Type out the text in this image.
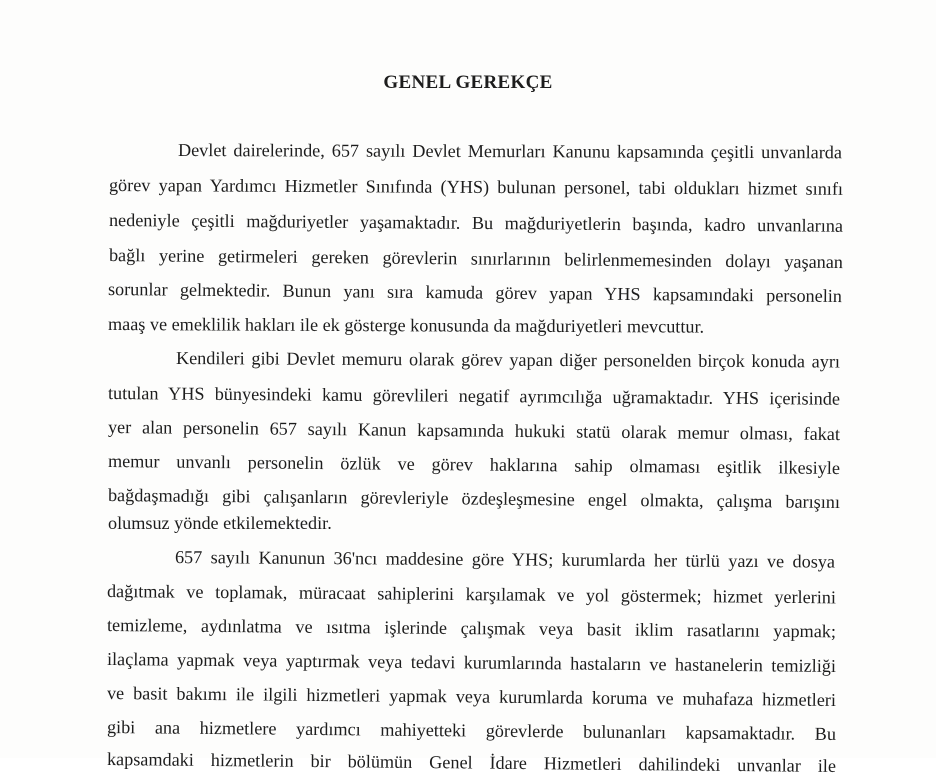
GENEL GEREKÇE
Devlet dairelerinde, 657 sayılı Devlet Memurları Kanunu kapsamında çeşitli unvanlarda
görev yapan Yardımcı Hizmetler Sınıfında (YHS) bulunan personel, tabi oldukları hizmet sınıfı
nedeniyle çeşitli mağduriyetler yaşamaktadır. Bu mağduriyetlerin başında, kadro unvanlarına
bağlı yerine getirmeleri gereken görevlerin sınırlarının belirlenmemesinden dolayı yaşanan
sorunlar gelmektedir. Bunun yanı sıra kamuda görev yapan YHS kapsamındaki personelin
maaş ve emeklilik hakları ile ek gösterge konusunda da mağduriyetleri mevcuttur.
Kendileri gibi Devlet memuru olarak görev yapan diğer personelden birçok konuda ayrı
tutulan YHS bünyesindeki kamu görevlileri negatif ayrımcılığa uğramaktadır. YHS içerisinde
yer alan personelin 657 sayılı Kanun kapsamında hukuki statü olarak memur olması, fakat
memur unvanlı personelin özlük ve görev haklarına sahip olmaması eşitlik ilkesiyle
bağdaşmadığı gibi çalışanların görevleriyle özdeşleşmesine engel olmakta, çalışma barışını
olumsuz yönde etkilemektedir.
657 sayılı Kanunun 36'ncı maddesine göre YHS; kurumlarda her türlü yazı ve dosya
dağıtmak ve toplamak, müracaat sahiplerini karşılamak ve yol göstermek; hizmet yerlerini
temizleme, aydınlatma ve ısıtma işlerinde çalışmak veya basit iklim rasatlarını yapmak;
ilaçlama yapmak veya yaptırmak veya tedavi kurumlarında hastaların ve hastanelerin temizliği
ve basit bakımı ile ilgili hizmetleri yapmak veya kurumlarda koruma ve muhafaza hizmetleri
gibi ana hizmetlere yardımcı mahiyetteki görevlerde bulunanları kapsamaktadır. Bu
kapsamdaki hizmetlerin bir bölümün Genel İdare Hizmetleri dahilindeki unvanlar ile
